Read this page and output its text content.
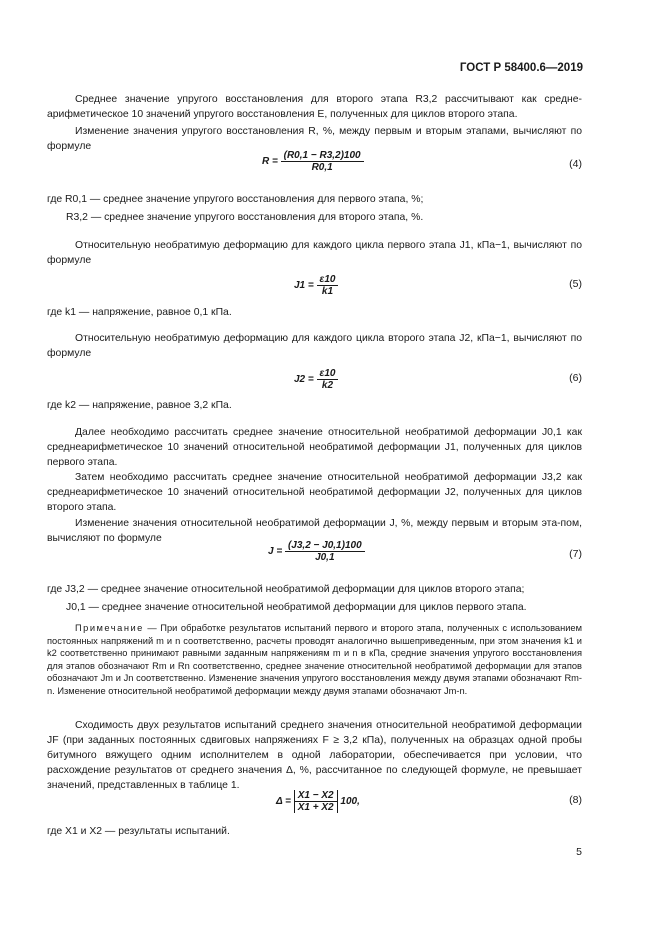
ГОСТ Р 58400.6—2019
Среднее значение упругого восстановления для второго этапа R3,2 рассчитывают как средне-арифметическое 10 значений упругого восстановления E, полученных для циклов второго этапа.
Изменение значения упругого восстановления R, %, между первым и вторым этапами, вычисляют по формуле
$R = \frac{(R0,1 - R3,2)100}{R0,1}$	(4)
где R0,1 — среднее значение упругого восстановления для первого этапа, %;
R3,2 — среднее значение упругого восстановления для второго этапа, %.
Относительную необратимую деформацию для каждого цикла первого этапа J1, кПа−1, вычисляют по формуле
$J1 = \frac{\varepsilon 10}{k1}$	(5)
где k1 — напряжение, равное 0,1 кПа.
Относительную необратимую деформацию для каждого цикла второго этапа J2, кПа−1, вычисляют по формуле
$J2 = \frac{\varepsilon 10}{k2}$	(6)
где k2 — напряжение, равное 3,2 кПа.
Далее необходимо рассчитать среднее значение относительной необратимой деформации J0,1 как среднеарифметическое 10 значений относительной необратимой деформации J1, полученных для циклов первого этапа.
Затем необходимо рассчитать среднее значение относительной необратимой деформации J3,2 как среднеарифметическое 10 значений относительной необратимой деформации J2, полученных для циклов второго этапа.
Изменение значения относительной необратимой деформации J, %, между первым и вторым эта-пом, вычисляют по формуле
$J = \frac{(J3,2 - J0,1)100}{J0,1}$	(7)
где J3,2 — среднее значение относительной необратимой деформации для циклов второго этапа;
J0,1 — среднее значение относительной необратимой деформации для циклов первого этапа.
Примечание — При обработке результатов испытаний первого и второго этапа, полученных с использованием постоянных напряжений m и n соответственно, расчеты проводят аналогично вышеприведенным, при этом значения k1 и k2 соответственно принимают равными заданным напряжениям m и n в кПа, средние значения упругого восстановления для этапов обозначают Rm и Rn соответственно, среднее значение относительной необратимой деформации для этапов обозначают Jm и Jn соответственно. Изменение значения упругого восстановления между двумя этапами обозначают Rm-n. Изменение относительной необратимой деформации между двумя этапами обозначают Jm-n.
Сходимость двух результатов испытаний среднего значения относительной необратимой деформации JF (при заданных постоянных сдвиговых напряжениях F ≥ 3,2 кПа), полученных на образцах одной пробы битумного вяжущего одним исполнителем в одной лаборатории, обеспечивается при условии, что расхождение результатов от среднего значения Δ, %, рассчитанное по следующей формуле, не превышает значений, представленных в таблице 1.
$\Delta = \frac{X1 - X2}{X1 + X2} 100$,	(8)
где X1 и X2 — результаты испытаний.
5
